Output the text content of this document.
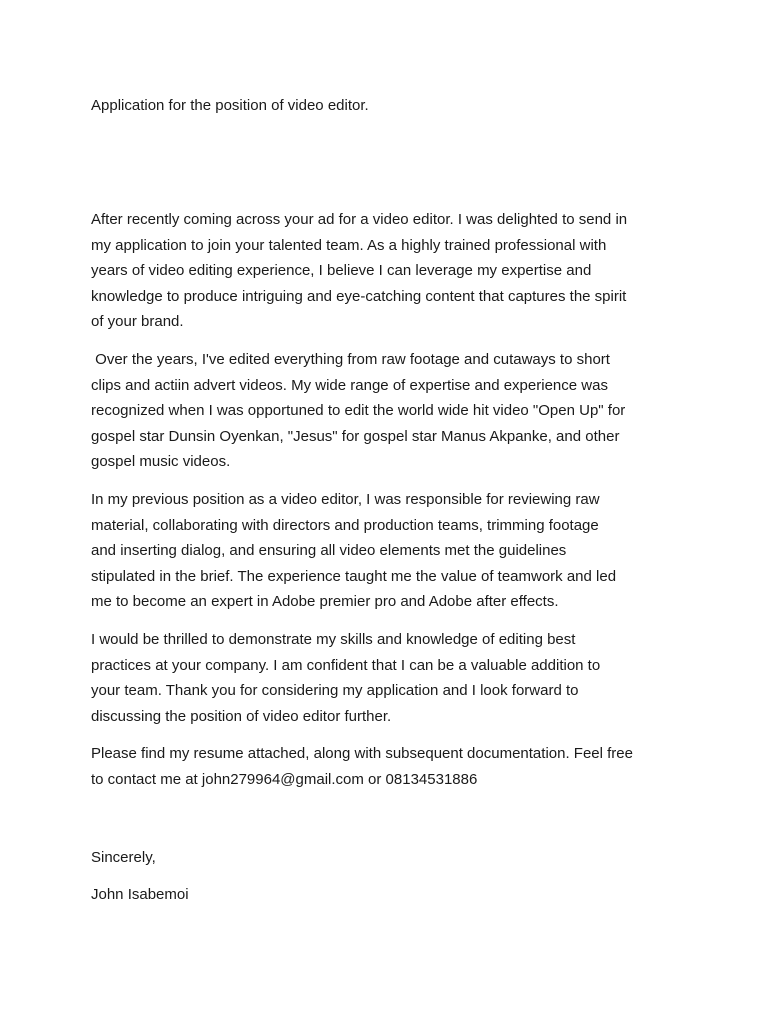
Application for the position of video editor.

After recently coming across your ad for a video editor. I was delighted to send in
my application to join your talented team. As a highly trained professional with
years of video editing experience, I believe I can leverage my expertise and
knowledge to produce intriguing and eye-catching content that captures the spirit
of your brand.

Over the years, I've edited everything from raw footage and cutaways to short
clips and actiin advert videos. My wide range of expertise and experience was
recognized when I was opportuned to edit the world wide hit video "Open Up" for
gospel star Dunsin Oyenkan, "Jesus" for gospel star Manus Akpanke, and other
gospel music videos.

In my previous position as a video editor, I was responsible for reviewing raw
material, collaborating with directors and production teams, trimming footage
and inserting dialog, and ensuring all video elements met the guidelines
stipulated in the brief. The experience taught me the value of teamwork and led
me to become an expert in Adobe premier pro and Adobe after effects.

I would be thrilled to demonstrate my skills and knowledge of editing best
practices at your company. I am confident that I can be a valuable addition to
your team. Thank you for considering my application and I look forward to
discussing the position of video editor further.

Please find my resume attached, along with subsequent documentation. Feel free
to contact me at john279964@gmail.com or 08134531886

Sincerely,

John Isabemoi
